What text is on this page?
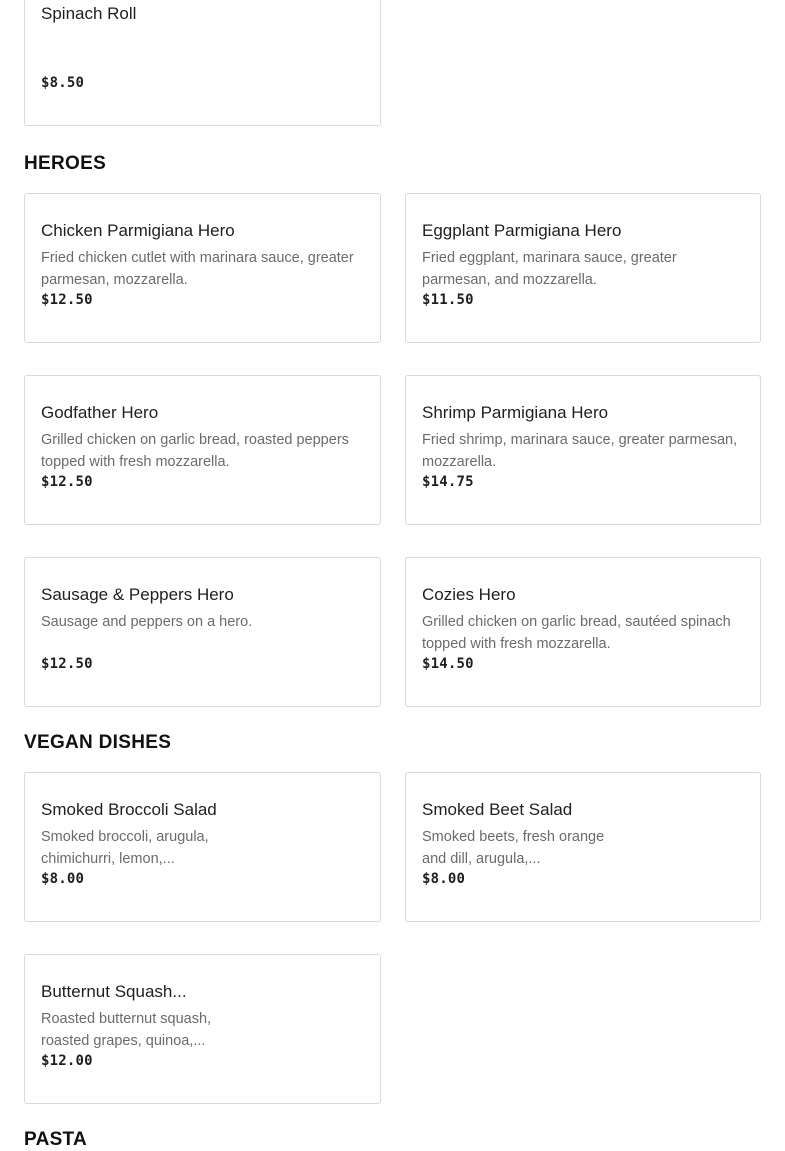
Spinach Roll
$8.50
HEROES
Chicken Parmigiana Hero
Fried chicken cutlet with marinara sauce, greater parmesan, mozzarella.
$12.50
Eggplant Parmigiana Hero
Fried eggplant, marinara sauce, greater parmesan, and mozzarella.
$11.50
Godfather Hero
Grilled chicken on garlic bread, roasted peppers topped with fresh mozzarella.
$12.50
Shrimp Parmigiana Hero
Fried shrimp, marinara sauce, greater parmesan, mozzarella.
$14.75
Sausage & Peppers Hero
Sausage and peppers on a hero.
$12.50
Cozies Hero
Grilled chicken on garlic bread, sautéed spinach topped with fresh mozzarella.
$14.50
VEGAN DISHES
Smoked Broccoli Salad
Smoked broccoli, arugula, chimichurri, lemon,...
$8.00
Smoked Beet Salad
Smoked beets, fresh orange and dill, arugula,...
$8.00
Butternut Squash...
Roasted butternut squash, roasted grapes, quinoa,...
$12.00
PASTA
